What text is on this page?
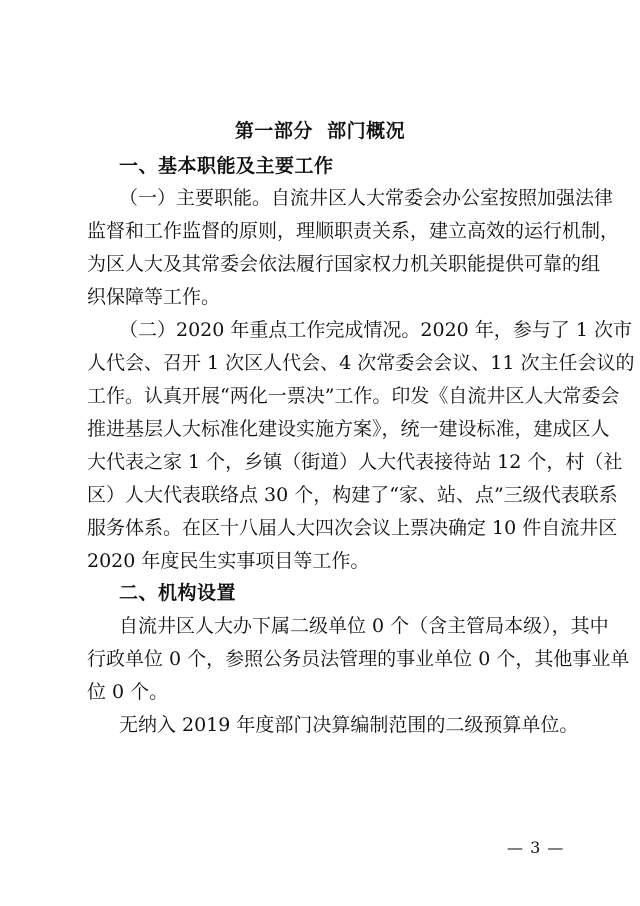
第一部分  部门概况
一、基本职能及主要工作
（一）主要职能。自流井区人大常委会办公室按照加强法律
监督和工作监督的原则，理顺职责关系，建立高效的运行机制，
为区人大及其常委会依法履行国家权力机关职能提供可靠的组
织保障等工作。
（二）2020 年重点工作完成情况。2020 年，参与了 1 次市
人代会、召开 1 次区人代会、4 次常委会会议、11 次主任会议的
工作。认真开展“两化一票决”工作。印发《自流井区人大常委会
推进基层人大标准化建设实施方案》，统一建设标准，建成区人
大代表之家 1 个，乡镇（街道）人大代表接待站 12 个，村（社
区）人大代表联络点 30 个，构建了“家、站、点”三级代表联系
服务体系。在区十八届人大四次会议上票决确定 10 件自流井区
2020 年度民生实事项目等工作。
二、机构设置
自流井区人大办下属二级单位 0 个（含主管局本级），其中
行政单位 0 个，参照公务员法管理的事业单位 0 个，其他事业单
位 0 个。
无纳入 2019 年度部门决算编制范围的二级预算单位。
— 3 —
